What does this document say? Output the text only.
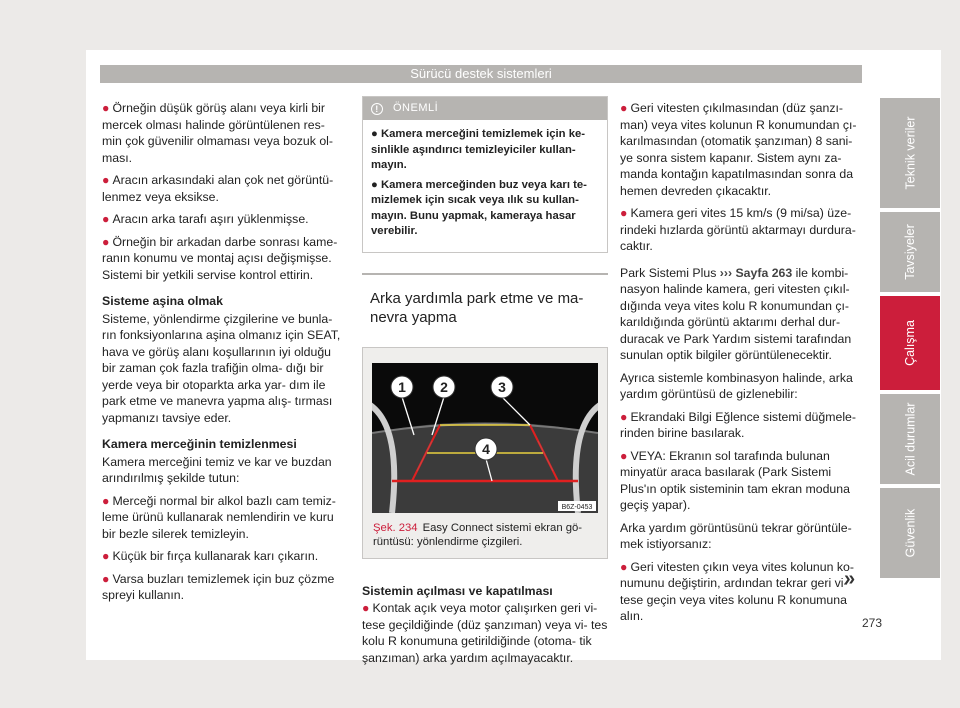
Sürücü destek sistemleri

● Örneğin düşük görüş alanı veya kirli bir mercek olması halinde görüntülenen res- min çok güvenilir olmaması veya bozuk ol- ması.

● Aracın arkasındaki alan çok net görüntü- lenmez veya eksikse.

● Aracın arka tarafı aşırı yüklenmişse.

● Örneğin bir arkadan darbe sonrası kame- ranın konumu ve montaj açısı değişmişse. Sistemi bir yetkili servise kontrol ettirin.

Sisteme aşina olmak

Sisteme, yönlendirme çizgilerine ve bunla- rın fonksiyonlarına aşina olmanız için SEAT, hava ve görüş alanı koşullarının iyi olduğu bir zaman çok fazla trafiğin olma- dığı bir yerde veya bir otoparkta arka yar- dım ile park etme ve manevra yapma alış- tırması yapmanızı tavsiye eder.

Kamera merceğinin temizlenmesi

Kamera merceğini temiz ve kar ve buzdan arındırılmış şekilde tutun:

● Merceği normal bir alkol bazlı cam temiz- leme ürünü kullanarak nemlendirin ve kuru bir bezle silerek temizleyin.

● Küçük bir fırça kullanarak karı çıkarın.

● Varsa buzları temizlemek için buz çözme spreyi kullanın.

!	ÖNEMLİ

● Kamera merceğini temizlemek için ke- sinlikle aşındırıcı temizleyiciler kullan- mayın.

● Kamera merceğinden buz veya karı te- mizlemek için sıcak veya ılık su kullan- mayın. Bunu yapmak, kameraya hasar verebilir.

Arka yardımla park etme ve ma- nevra yapma
1 2	3
4
B6Z-0453
Şek. 234 Easy Connect sistemi ekran gö- rüntüsü: yönlendirme çizgileri.
Sistemin açılması ve kapatılması

● Kontak açık veya motor çalışırken geri vi- tese geçildiğinde (düz şanzıman) veya vi- tes kolu R konumuna getirildiğinde (otoma- tik şanzıman) arka yardım açılmayacaktır.

● Geri vitesten çıkılmasından (düz şanzı- man) veya vites kolunun R konumundan çı- karılmasından (otomatik şanzıman) 8 sani- ye sonra sistem kapanır. Sistem aynı za- manda kontağın kapatılmasından sonra da hemen devreden çıkacaktır.

● Kamera geri vites 15 km/s (9 mi/sa) üze- rindeki hızlarda görüntü aktarmayı durdura- caktır.

Park Sistemi Plus ››› Sayfa 263 ile kombi- nasyon halinde kamera, geri vitesten çıkıl- dığında veya vites kolu R konumundan çı- karıldığında görüntü aktarımı derhal dur- duracak ve Park Yardım sistemi tarafından sunulan optik bilgiler görüntülenecektir.

Ayrıca sistemle kombinasyon halinde, arka yardım görüntüsü de gizlenebilir:

● Ekrandaki Bilgi Eğlence sistemi düğmele- rinden birine basılarak.

● VEYA: Ekranın sol tarafında bulunan minyatür araca basılarak (Park Sistemi Plus'ın optik sisteminin tam ekran moduna geçiş yapar).

Arka yardım görüntüsünü tekrar görüntüle- mek istiyorsanız:

● Geri vitesten çıkın veya vites kolunun ko- numunu değiştirin, ardından tekrar geri vi- tese geçin veya vites kolunu R konumuna alın.

Teknik veriler
Tavsiyeler
Çalışma
Acil durumlar
Güvenlik
»
273
